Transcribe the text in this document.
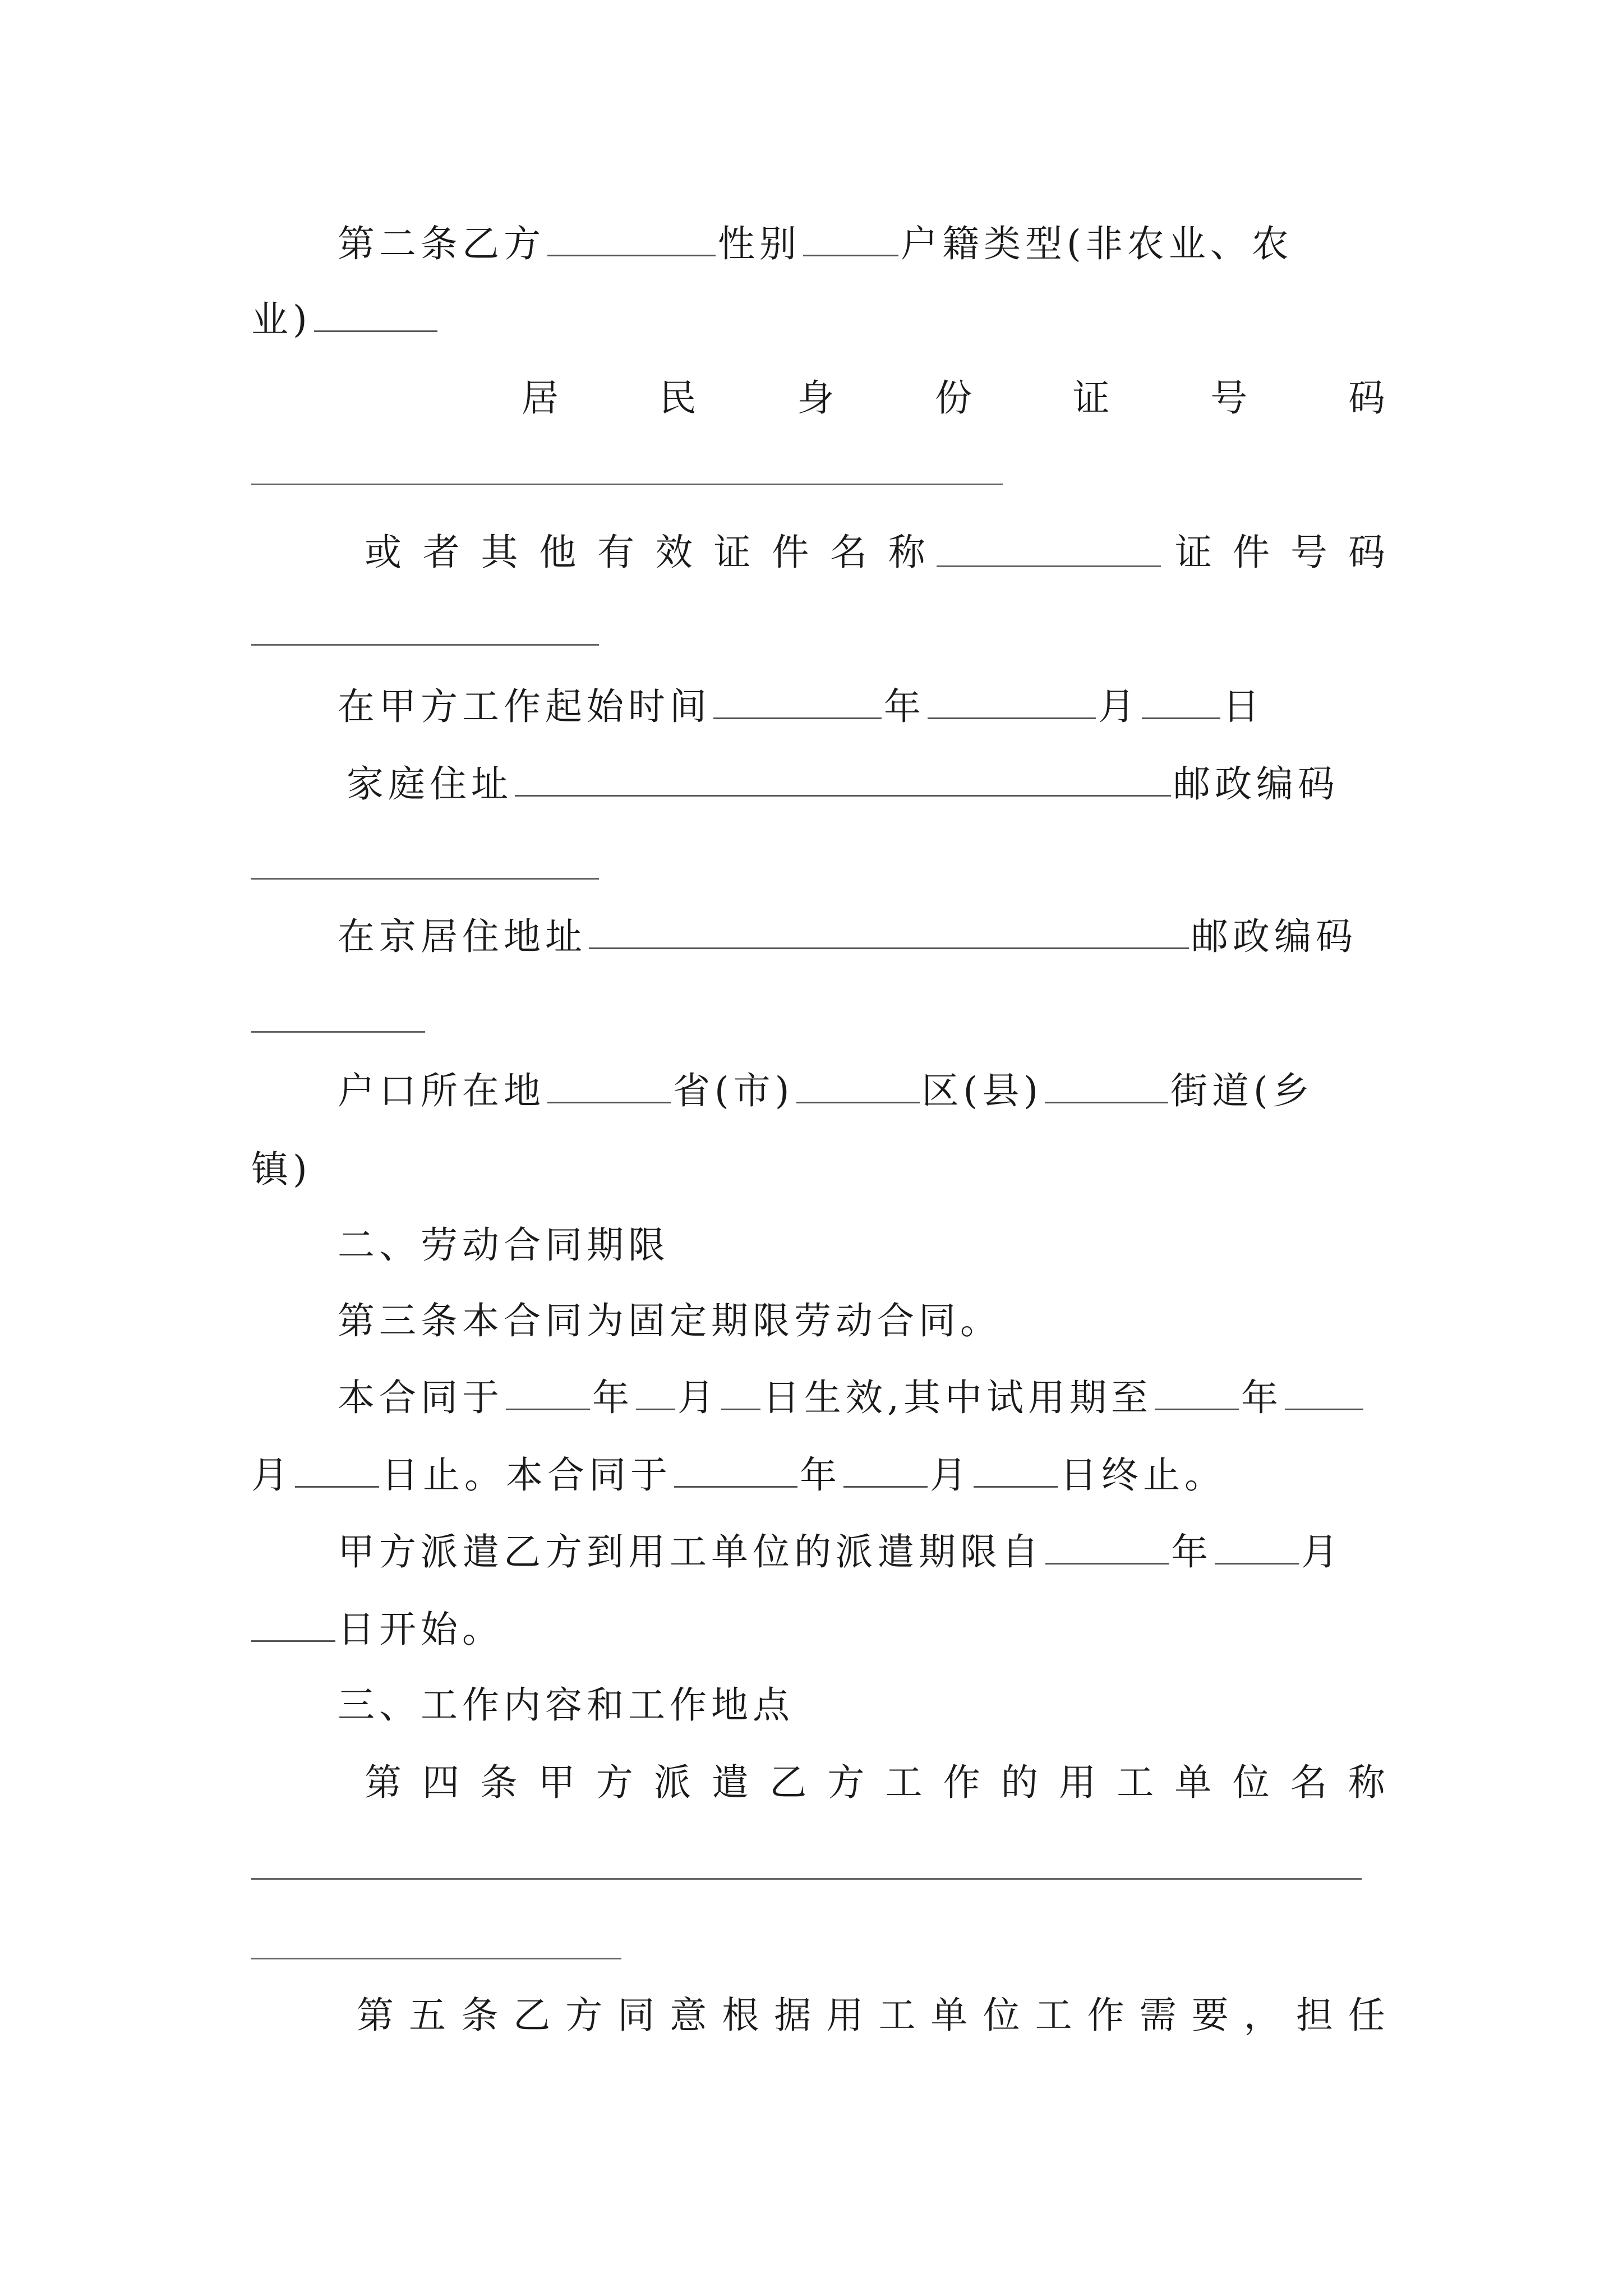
第二条乙方	性别	户籍类型(非农业、农
业)
居	民	身	份	证	号	码
或 者 其 他 有 效 证 件 名 称	证 件 号 码
在甲方工作起始时间	年	月 日
家庭住址	邮政编码
在京居住地址	邮政编码
户口所在地	省(市)	区(县)	街道(乡
镇)
二、劳动合同期限
第三条本合同为固定期限劳动合同。
本合同于 年 月 日生效,其中试用期至 年
月 日止。本合同于	年 月 日终止。
甲方派遣乙方到用工单位的派遣期限自	年 月
日开始。
三、工作内容和工作地点
第 四 条 甲 方 派 遣 乙 方 工 作 的 用 工 单 位 名 称
第 五 条 乙 方 同 意 根 据 用 工 单 位 工 作 需 要 ， 担 任
